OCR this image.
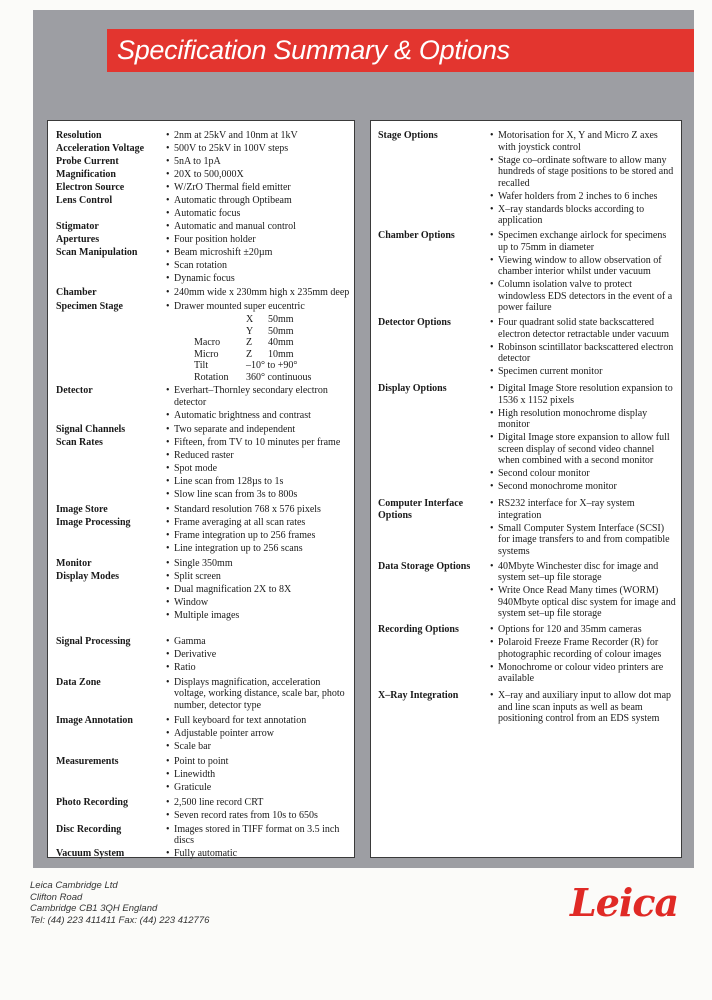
Specification Summary & Options
Resolution	• 2nm at 25kV and 10nm at 1kV
Acceleration Voltage	• 500V to 25kV in 100V steps
Probe Current	• 5nA to 1pA
Magnification	• 20X to 500,000X
Electron Source	• W/ZrO Thermal field emitter
Lens Control	• Automatic through Optibeam
• Automatic focus
Stigmator	• Automatic and manual control
Apertures	• Four position holder
Scan Manipulation	• Beam microshift ±20µm
• Scan rotation
• Dynamic focus
Chamber	• 240mm wide x 230mm high x 235mm deep
Specimen Stage	• Drawer mounted super eucentric
X	50mm
Y	50mm
Macro	Z	40mm
Micro	Z	10mm
Tilt	–10° to +90°
Rotation	360° continuous
Detector	• Everhart–Thornley secondary electron detector
• Automatic brightness and contrast
Signal Channels	• Two separate and independent
Scan Rates	• Fifteen, from TV to 10 minutes per frame
• Reduced raster
• Spot mode
• Line scan from 128µs to 1s
• Slow line scan from 3s to 800s
Image Store	• Standard resolution 768 x 576 pixels
Image Processing	• Frame averaging at all scan rates
• Frame integration up to 256 frames
• Line integration up to 256 scans
Monitor	• Single 350mm
Display Modes	• Split screen
• Dual magnification 2X to 8X
• Window
• Multiple images
Signal Processing	• Gamma
• Derivative
• Ratio
Data Zone	• Displays magnification, acceleration voltage, working distance, scale bar, photo number, detector type
Image Annotation	• Full keyboard for text annotation
• Adjustable pointer arrow
• Scale bar
Measurements	• Point to point
• Linewidth
• Graticule
Photo Recording	• 2,500 line record CRT
• Seven record rates from 10s to 650s
Disc Recording	• Images stored in TIFF format on 3.5 inch discs
Vacuum System	• Fully automatic
Stage Options	• Motorisation for X, Y and Micro Z axes with joystick control
• Stage co–ordinate software to allow many hundreds of stage positions to be stored and recalled
• Wafer holders from 2 inches to 6 inches
• X–ray standards blocks according to application
Chamber Options	• Specimen exchange airlock for specimens up to 75mm in diameter
• Viewing window to allow observation of chamber interior whilst under vacuum
• Column isolation valve to protect windowless EDS detectors in the event of a power failure
Detector Options	• Four quadrant solid state backscattered electron detector retractable under vacuum
• Robinson scintillator backscattered electron detector
• Specimen current monitor
Display Options	• Digital Image Store resolution expansion to 1536 x 1152 pixels
• High resolution monochrome display monitor
• Digital Image store expansion to allow full screen display of second video channel when combined with a second monitor
• Second colour monitor
• Second monochrome monitor
Computer Interface Options
• RS232 interface for X–ray system integration
• Small Computer System Interface (SCSI) for image transfers to and from compatible systems
Data Storage Options	• 40Mbyte Winchester disc for image and system set–up file storage
• Write Once Read Many times (WORM) 940Mbyte optical disc system for image and system set–up file storage
Recording Options	• Options for 120 and 35mm cameras
• Polaroid Freeze Frame Recorder (R) for photographic recording of colour images
• Monochrome or colour video printers are available
X–Ray Integration	• X–ray and auxiliary input to allow dot map and line scan inputs as well as beam positioning control from an EDS system
Leica Cambridge Ltd
Clifton Road
Cambridge CB1 3QH England
Tel: (44) 223 411411 Fax: (44) 223 412776	Leica
